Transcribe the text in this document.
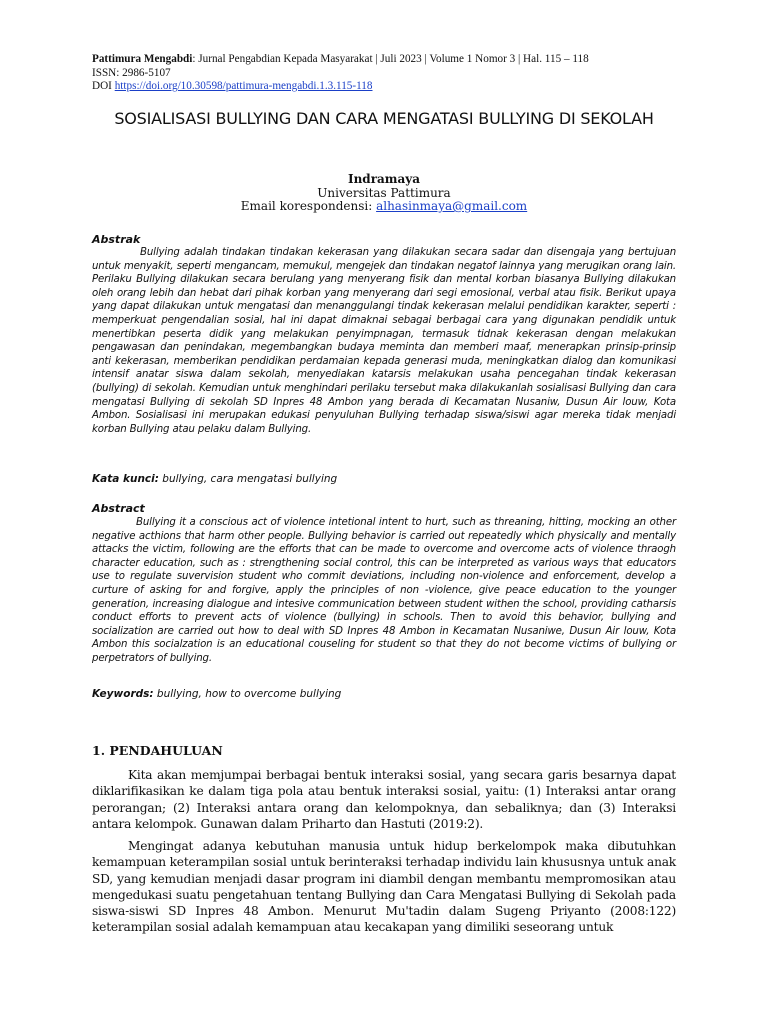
Pattimura Mengabdi: Jurnal Pengabdian Kepada Masyarakat | Juli 2023 | Volume 1 Nomor 3 | Hal. 115 – 118
ISSN: 2986-5107
DOI https://doi.org/10.30598/pattimura-mengabdi.1.3.115-118
SOSIALISASI BULLYING DAN CARA MENGATASI BULLYING DI SEKOLAH
Indramaya
Universitas Pattimura
Email korespondensi: alhasinmaya@gmail.com
Abstrak
Bullying adalah tindakan tindakan kekerasan yang dilakukan secara sadar dan disengaja yang bertujuan untuk menyakit, seperti mengancam, memukul, mengejek dan tindakan negatof lainnya yang merugikan orang lain. Perilaku Bullying dilakukan secara berulang yang menyerang fisik dan mental korban biasanya Bullying dilakukan oleh orang lebih dan hebat dari pihak korban yang menyerang dari segi emosional, verbal atau fisik. Berikut upaya yang dapat dilakukan untuk mengatasi dan menanggulangi tindak kekerasan melalui pendidikan karakter, seperti : memperkuat pengendalian sosial, hal ini dapat dimaknai sebagai berbagai cara yang digunakan pendidik untuk menertibkan peserta didik yang melakukan penyimpnagan, termasuk tidnak kekerasan dengan melakukan pengawasan dan penindakan, megembangkan budaya meminta dan memberi maaf, menerapkan prinsip-prinsip anti kekerasan, memberikan pendidikan perdamaian kepada generasi muda, meningkatkan dialog dan komunikasi intensif anatar siswa dalam sekolah, menyediakan katarsis melakukan usaha pencegahan tindak kekerasan (bullying) di sekolah. Kemudian untuk menghindari perilaku tersebut maka dilakukanlah sosialisasi Bullying dan cara mengatasi Bullying di sekolah SD Inpres 48 Ambon yang berada di Kecamatan Nusaniw, Dusun Air louw, Kota Ambon. Sosialisasi ini merupakan edukasi penyuluhan Bullying terhadap siswa/siswi agar mereka tidak menjadi korban Bullying atau pelaku dalam Bullying.
Kata kunci: bullying, cara mengatasi bullying
Abstract
Bullying it a conscious act of violence intetional intent to hurt, such as threaning, hitting, mocking an other negative acthions that harm other people. Bullying behavior is carried out repeatedly which physically and mentally attacks the victim, following are the efforts that can be made to overcome and overcome acts of violence thraogh character education, such as : strengthening social control, this can be interpreted as various ways that educators use to regulate suvervision student who commit deviations, including non-violence and enforcement, develop a curture of asking for and forgive, apply the principles of non -violence, give peace education to the younger generation, increasing dialogue and intesive communication between student withen the school, providing catharsis conduct efforts to prevent acts of violence (bullying) in schools. Then to avoid this behavior, bullying and socialization are carried out how to deal with SD Inpres 48 Ambon in Kecamatan Nusaniwe, Dusun Air louw, Kota Ambon this socialzation is an educational couseling for student so that they do not become victims of bullying or perpetrators of bullying.
Keywords: bullying, how to overcome bullying
1. PENDAHULUAN
Kita akan memjumpai berbagai bentuk interaksi sosial, yang secara garis besarnya dapat diklarifikasikan ke dalam tiga pola atau bentuk interaksi sosial, yaitu: (1) Interaksi antar orang perorangan; (2) Interaksi antara orang dan kelompoknya, dan sebaliknya; dan (3) Interaksi antara kelompok. Gunawan dalam Priharto dan Hastuti (2019:2).
Mengingat adanya kebutuhan manusia untuk hidup berkelompok maka dibutuhkan kemampuan keterampilan sosial untuk berinteraksi terhadap individu lain khususnya untuk anak SD, yang kemudian menjadi dasar program ini diambil dengan membantu mempromosikan atau mengedukasi suatu pengetahuan tentang Bullying dan Cara Mengatasi Bullying di Sekolah pada siswa-siswi SD Inpres 48 Ambon. Menurut Mu'tadin dalam Sugeng Priyanto (2008:122) keterampilan sosial adalah kemampuan atau kecakapan yang dimiliki seseorang untuk
